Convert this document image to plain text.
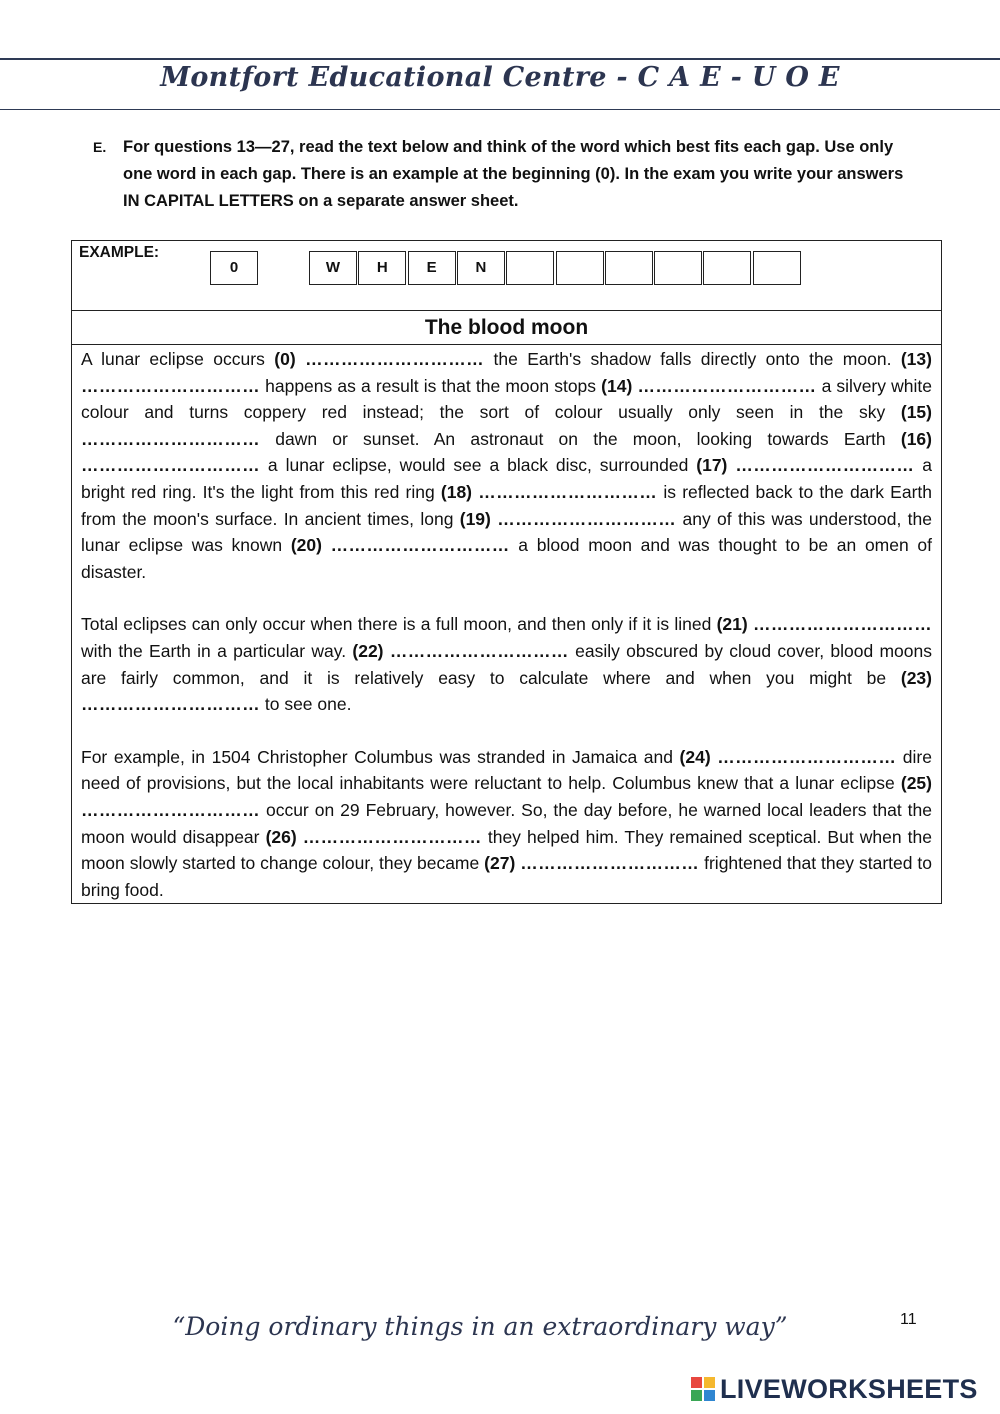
Montfort Educational Centre - C A E - U O E
E. For questions 13—27, read the text below and think of the word which best fits each gap. Use only one word in each gap. There is an example at the beginning (0). In the exam you write your answers IN CAPITAL LETTERS on a separate answer sheet.
EXAMPLE:
0	W	H	E	N
The blood moon

A lunar eclipse occurs (0) ………………………… the Earth's shadow falls directly onto the moon. (13) ………………………… happens as a result is that the moon stops (14) ………………………… a silvery white colour and turns coppery red instead; the sort of colour usually only seen in the sky (15) ………………………… dawn or sunset. An astronaut on the moon, looking towards Earth (16) ………………………… a lunar eclipse, would see a black disc, surrounded (17) ………………………… a bright red ring. It's the light from this red ring (18) ………………………… is reflected back to the dark Earth from the moon's surface. In ancient times, long (19) ………………………… any of this was understood, the lunar eclipse was known (20) ………………………… a blood moon and was thought to be an omen of disaster.

Total eclipses can only occur when there is a full moon, and then only if it is lined (21) ………………………… with the Earth in a particular way. (22) ………………………… easily obscured by cloud cover, blood moons are fairly common, and it is relatively easy to calculate where and when you might be (23) ………………………… to see one.

For example, in 1504 Christopher Columbus was stranded in Jamaica and (24) ………………………… dire need of provisions, but the local inhabitants were reluctant to help. Columbus knew that a lunar eclipse (25) ………………………… occur on 29 February, however. So, the day before, he warned local leaders that the moon would disappear (26) ………………………… they helped him. They remained sceptical. But when the moon slowly started to change colour, they became (27) ………………………… frightened that they started to bring food.

“Doing ordinary things in an extraordinary way”	11
LIVEWORKSHEETS
